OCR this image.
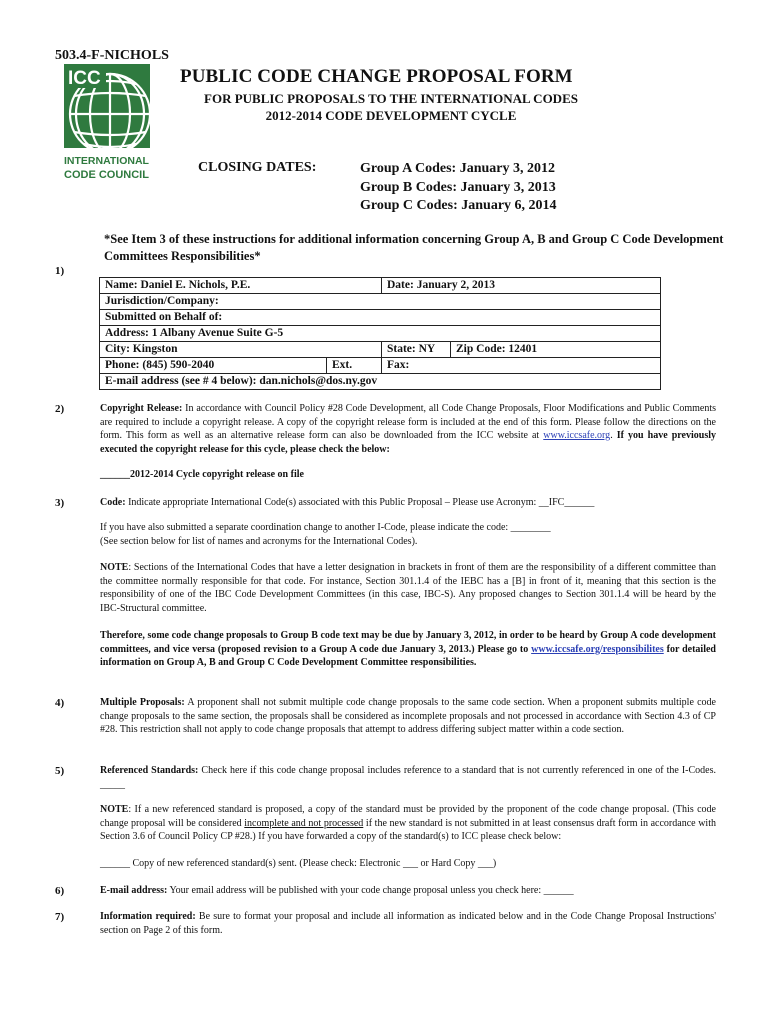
503.4-F-NICHOLS
ICC
INTERNATIONAL
CODE COUNCIL
PUBLIC CODE CHANGE PROPOSAL FORM
FOR PUBLIC PROPOSALS TO THE INTERNATIONAL CODES
2012-2014 CODE DEVELOPMENT CYCLE
CLOSING DATES:	Group A Codes: January 3, 2012
Group B Codes: January 3, 2013
Group C Codes: January 6, 2014
*See Item 3 of these instructions for additional information concerning Group A, B and Group C Code Development Committees Responsibilities*
1)
Name: Daniel E. Nichols, P.E.		Date: January 2, 2013	
Jurisdiction/Company:			
Submitted on Behalf of:			
Address: 1 Albany Avenue Suite G-5			
City: Kingston		State: NY	Zip Code: 12401
Phone: (845) 590-2040	Ext.	Fax:	
E-mail address (see # 4 below): dan.nichols@dos.ny.gov			
2)	Copyright Release: In accordance with Council Policy #28 Code Development, all Code Change Proposals, Floor Modifications and Public Comments are required to include a copyright release. A copy of the copyright release form is included at the end of this form. Please follow the directions on the form. This form as well as an alternative release form can also be downloaded from the ICC website at www.iccsafe.org. If you have previously executed the copyright release for this cycle, please check the below:
______2012-2014 Cycle copyright release on file
3)	Code: Indicate appropriate International Code(s) associated with this Public Proposal – Please use Acronym: __IFC______
If you have also submitted a separate coordination change to another I-Code, please indicate the code: ________
(See section below for list of names and acronyms for the International Codes).
NOTE: Sections of the International Codes that have a letter designation in brackets in front of them are the responsibility of a different committee than the committee normally responsible for that code. For instance, Section 301.1.4 of the IEBC has a [B] in front of it, meaning that this section is the responsibility of one of the IBC Code Development Committees (in this case, IBC-S). Any proposed changes to Section 301.1.4 will be heard by the IBC-Structural committee.
Therefore, some code change proposals to Group B code text may be due by January 3, 2012, in order to be heard by Group A code development committees, and vice versa (proposed revision to a Group A code due January 3, 2013.) Please go to www.iccsafe.org/responsibilites for detailed information on Group A, B and Group C Code Development Committee responsibilities.
4)	Multiple Proposals: A proponent shall not submit multiple code change proposals to the same code section. When a proponent submits multiple code change proposals to the same section, the proposals shall be considered as incomplete proposals and not processed in accordance with Section 4.3 of CP #28. This restriction shall not apply to code change proposals that attempt to address differing subject matter within a code section.
5)	Referenced Standards: Check here if this code change proposal includes reference to a standard that is not currently referenced in one of the I-Codes. _____
NOTE: If a new referenced standard is proposed, a copy of the standard must be provided by the proponent of the code change proposal. (This code change proposal will be considered incomplete and not processed if the new standard is not submitted in at least consensus draft form in accordance with Section 3.6 of Council Policy CP #28.) If you have forwarded a copy of the standard(s) to ICC please check below:
______ Copy of new referenced standard(s) sent. (Please check: Electronic ___ or Hard Copy ___)
6)	E-mail address: Your email address will be published with your code change proposal unless you check here: ______
7)	Information required: Be sure to format your proposal and include all information as indicated below and in the Code Change Proposal Instructions' section on Page 2 of this form.
